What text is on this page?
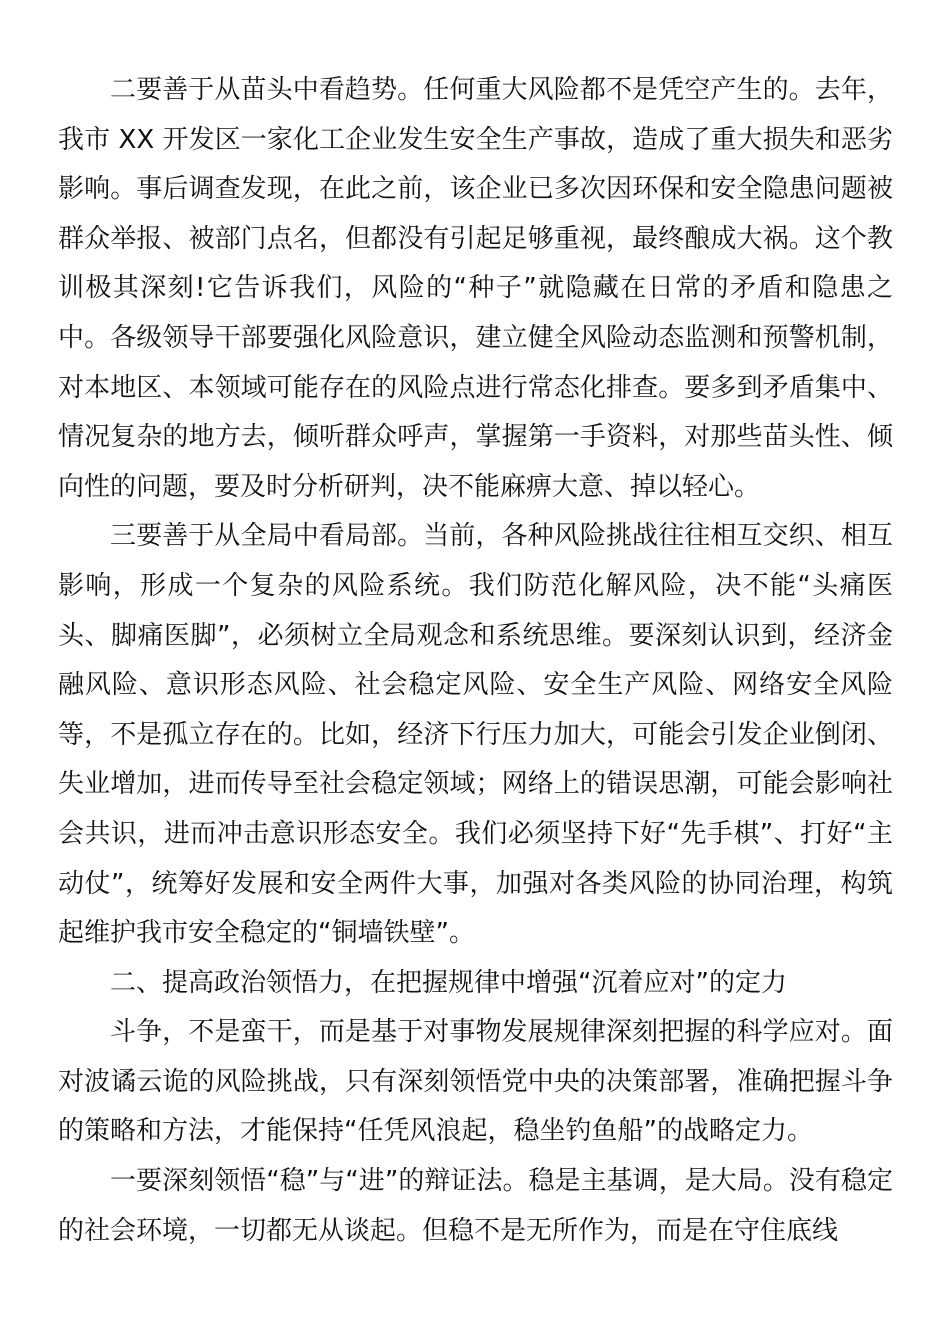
二要善于从苗头中看趋势。任何重大风险都不是凭空产生的。去年，我市 XX 开发区一家化工企业发生安全生产事故，造成了重大损失和恶劣影响。事后调查发现，在此之前，该企业已多次因环保和安全隐患问题被群众举报、被部门点名，但都没有引起足够重视，最终酿成大祸。这个教训极其深刻!它告诉我们，风险的“种子”就隐藏在日常的矛盾和隐患之中。各级领导干部要强化风险意识，建立健全风险动态监测和预警机制，对本地区、本领域可能存在的风险点进行常态化排查。要多到矛盾集中、情况复杂的地方去，倾听群众呼声，掌握第一手资料，对那些苗头性、倾向性的问题，要及时分析研判，决不能麻痹大意、掉以轻心。

三要善于从全局中看局部。当前，各种风险挑战往往相互交织、相互影响，形成一个复杂的风险系统。我们防范化解风险，决不能“头痛医头、脚痛医脚”，必须树立全局观念和系统思维。要深刻认识到，经济金融风险、意识形态风险、社会稳定风险、安全生产风险、网络安全风险等，不是孤立存在的。比如，经济下行压力加大，可能会引发企业倒闭、失业增加，进而传导至社会稳定领域；网络上的错误思潮，可能会影响社会共识，进而冲击意识形态安全。我们必须坚持下好“先手棋”、打好“主动仗”，统筹好发展和安全两件大事，加强对各类风险的协同治理，构筑起维护我市安全稳定的“铜墙铁壁”。

二、提高政治领悟力，在把握规律中增强“沉着应对”的定力

斗争，不是蛮干，而是基于对事物发展规律深刻把握的科学应对。面对波谲云诡的风险挑战，只有深刻领悟党中央的决策部署，准确把握斗争的策略和方法，才能保持“任凭风浪起，稳坐钓鱼船”的战略定力。

一要深刻领悟“稳”与“进”的辩证法。稳是主基调，是大局。没有稳定的社会环境，一切都无从谈起。但稳不是无所作为，而是在守住底线
